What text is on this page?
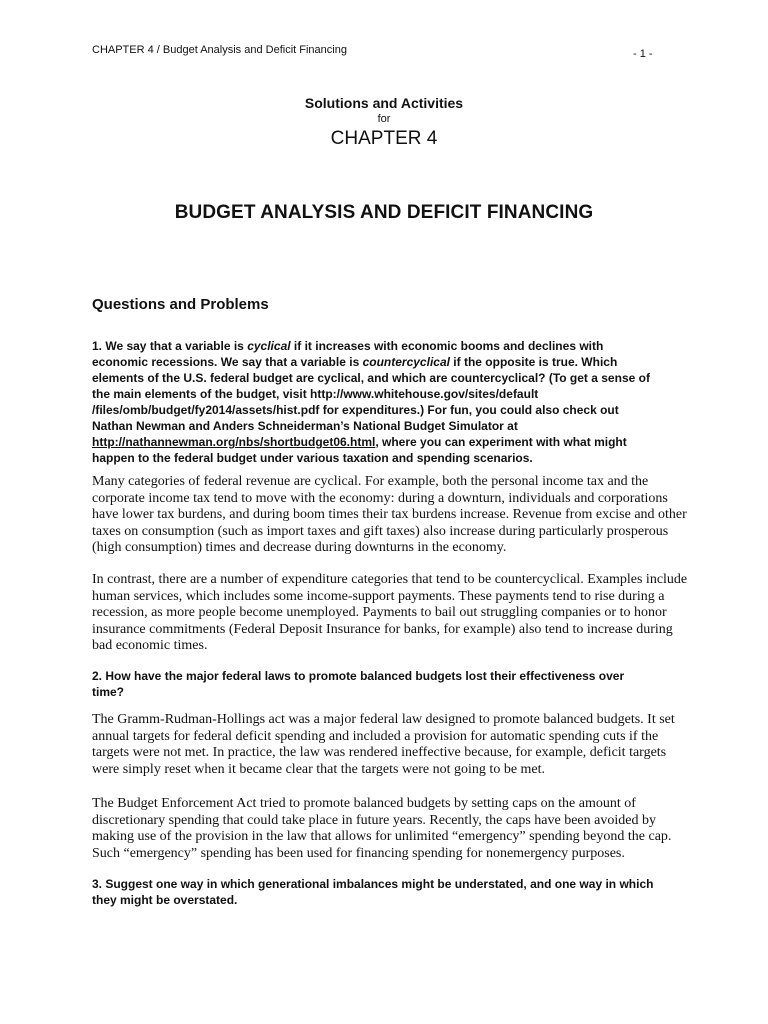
CHAPTER 4 / Budget Analysis and Deficit Financing	- 1 -
Solutions and Activities
for
CHAPTER 4
BUDGET ANALYSIS AND DEFICIT FINANCING
Questions and Problems
1. We say that a variable is cyclical if it increases with economic booms and declines with
economic recessions. We say that a variable is countercyclical if the opposite is true. Which
elements of the U.S. federal budget are cyclical, and which are countercyclical? (To get a sense of
the main elements of the budget, visit http://www.whitehouse.gov/sites/default
/files/omb/budget/fy2014/assets/hist.pdf for expenditures.) For fun, you could also check out
Nathan Newman and Anders Schneiderman’s National Budget Simulator at
http://nathannewman.org/nbs/shortbudget06.html, where you can experiment with what might
happen to the federal budget under various taxation and spending scenarios.
Many categories of federal revenue are cyclical. For example, both the personal income tax and the
corporate income tax tend to move with the economy: during a downturn, individuals and corporations
have lower tax burdens, and during boom times their tax burdens increase. Revenue from excise and other
taxes on consumption (such as import taxes and gift taxes) also increase during particularly prosperous
(high consumption) times and decrease during downturns in the economy.
In contrast, there are a number of expenditure categories that tend to be countercyclical. Examples include
human services, which includes some income-support payments. These payments tend to rise during a
recession, as more people become unemployed. Payments to bail out struggling companies or to honor
insurance commitments (Federal Deposit Insurance for banks, for example) also tend to increase during
bad economic times.
2. How have the major federal laws to promote balanced budgets lost their effectiveness over
time?
The Gramm-Rudman-Hollings act was a major federal law designed to promote balanced budgets. It set
annual targets for federal deficit spending and included a provision for automatic spending cuts if the
targets were not met. In practice, the law was rendered ineffective because, for example, deficit targets
were simply reset when it became clear that the targets were not going to be met.
The Budget Enforcement Act tried to promote balanced budgets by setting caps on the amount of
discretionary spending that could take place in future years. Recently, the caps have been avoided by
making use of the provision in the law that allows for unlimited “emergency” spending beyond the cap.
Such “emergency” spending has been used for financing spending for nonemergency purposes.
3. Suggest one way in which generational imbalances might be understated, and one way in which
they might be overstated.
